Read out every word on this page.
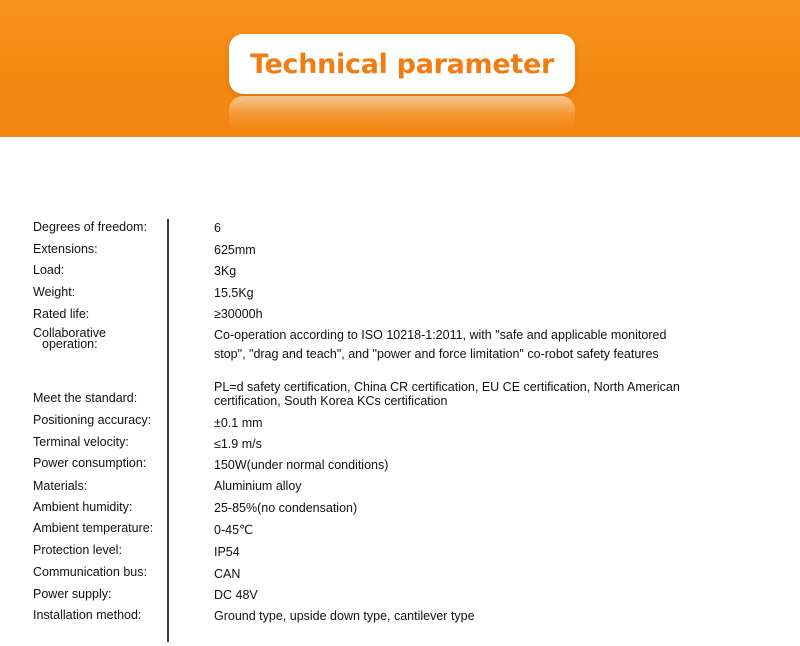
Technical parameter
Degrees of freedom:	6
Extensions:	625mm
Load:	3Kg
Weight:	15.5Kg
Rated life:	≥30000h
Collaborative
operation:
Co-operation according to ISO 10218-1:2011, with "safe and applicable monitored
stop", "drag and teach", and "power and force limitation" co-robot safety features
Meet the standard:
PL=d safety certification, China CR certification, EU CE certification, North American
certification, South Korea KCs certification
Positioning accuracy:	±0.1 mm
Terminal velocity:	≤1.9 m/s
Power consumption:	150W(under normal conditions)
Materials:	Aluminium alloy
Ambient humidity:	25-85%(no condensation)
Ambient temperature:	0-45℃
Protection level:	IP54
Communication bus:	CAN
Power supply:	DC 48V
Installation method:	Ground type, upside down type, cantilever type
